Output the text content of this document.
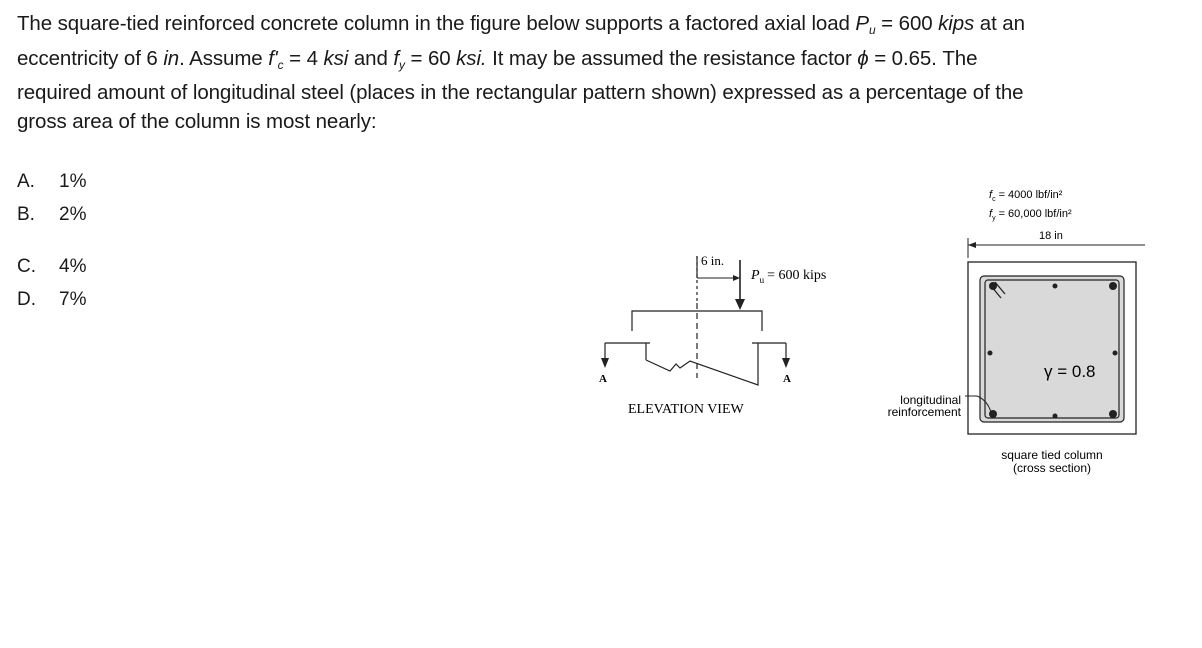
The square-tied reinforced concrete column in the figure below supports a factored axial load $P_u = 600$ kips at an eccentricity of 6 in. Assume $f'_c = 4$ ksi and $f_y = 60$ ksi. It may be assumed the resistance factor ϕ = 0.65. The required amount of longitudinal steel (places in the rectangular pattern shown) expressed as a percentage of the gross area of the column is most nearly:
A. 1%
B. 2%
C. 4%
D. 7%
6 in.
$P_u = 600$ kips
A	A
ELEVATION VIEW
$f_c = 4000$ lbf/in²
$f_y = 60,000$ lbf/in²
18 in
γ = 0.8
longitudinal
reinforcement
square tied column
(cross section)
